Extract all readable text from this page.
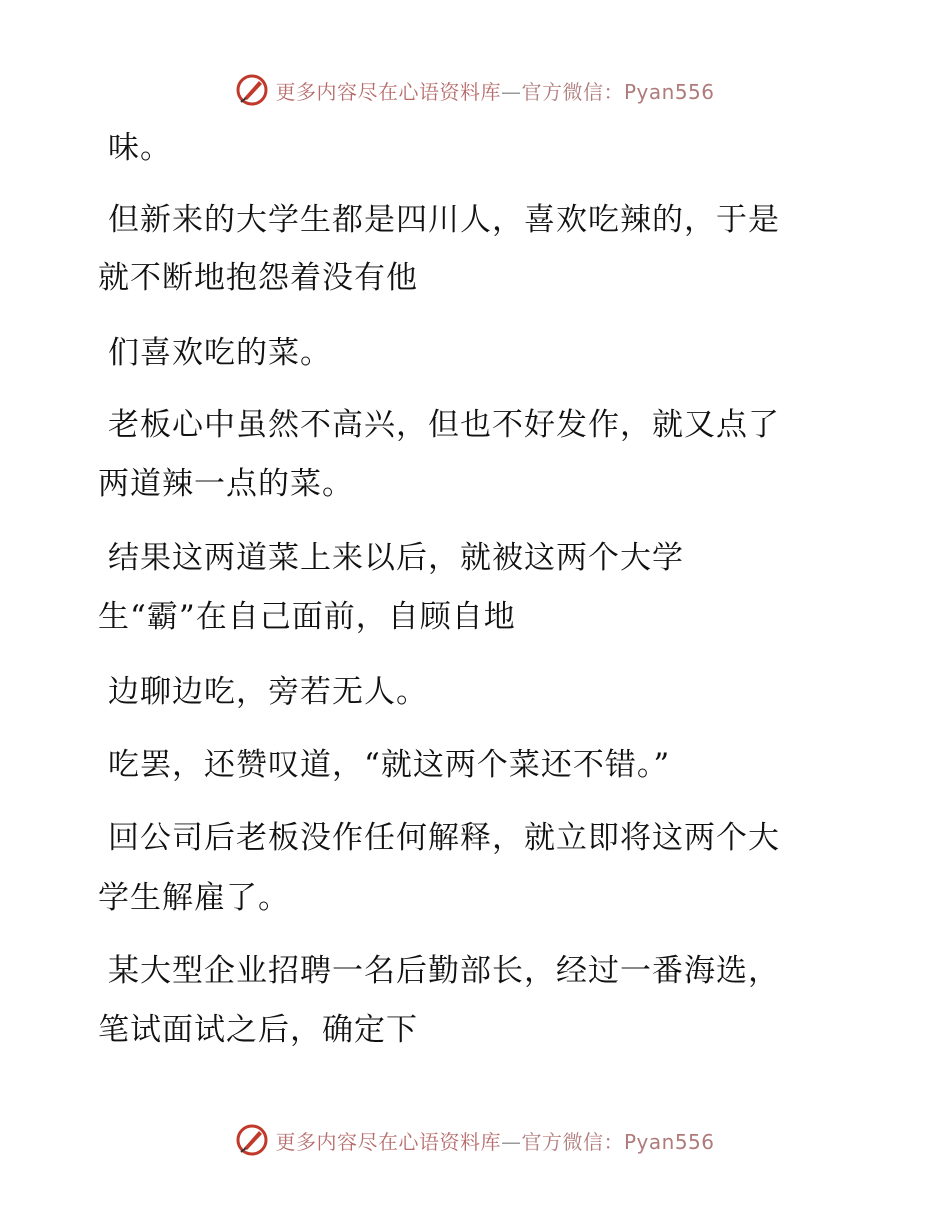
更多内容尽在心语资料库—官方微信：Pyan556
味。
但新来的大学生都是四川人，喜欢吃辣的，于是
就不断地抱怨着没有他
们喜欢吃的菜。
老板心中虽然不高兴，但也不好发作，就又点了
两道辣一点的菜。
结果这两道菜上来以后，就被这两个大学
生“霸”在自己面前，自顾自地
边聊边吃，旁若无人。
吃罢，还赞叹道，“就这两个菜还不错。”
回公司后老板没作任何解释，就立即将这两个大
学生解雇了。
某大型企业招聘一名后勤部长，经过一番海选，
笔试面试之后，确定下
更多内容尽在心语资料库—官方微信：Pyan556
